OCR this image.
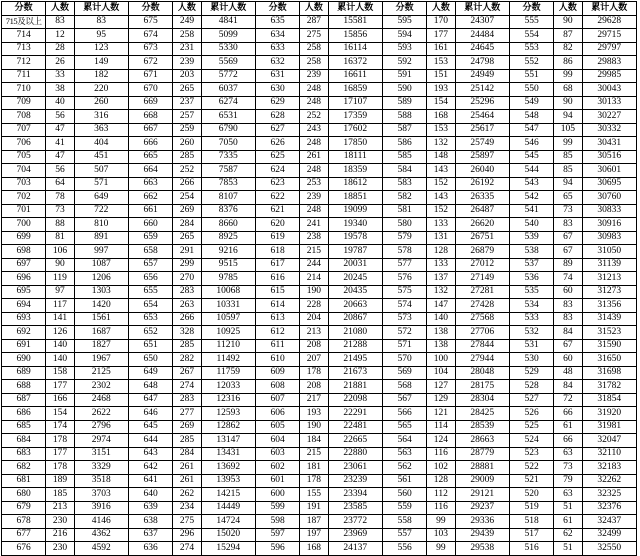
分数	人数	累计人数	分数	人数	累计人数	分数	人数	累计人数	分数	人数	累计人数	分数	人数	累计人数
715及以上	83	83	675	249	4841	635	287	15581	595	170	24307	555	90	29628
714	12	95	674	258	5099	634	275	15856	594	177	24484	554	87	29715
713	28	123	673	231	5330	633	258	16114	593	161	24645	553	82	29797
712	26	149	672	239	5569	632	258	16372	592	153	24798	552	86	29883
711	33	182	671	203	5772	631	239	16611	591	151	24949	551	99	29985
710	38	220	670	265	6037	630	248	16859	590	193	25142	550	68	30043
709	40	260	669	237	6274	629	248	17107	589	154	25296	549	90	30133
708	56	316	668	257	6531	628	252	17359	588	168	25464	548	94	30227
707	47	363	667	259	6790	627	243	17602	587	153	25617	547	105	30332
706	41	404	666	260	7050	626	248	17850	586	132	25749	546	99	30431
705	47	451	665	285	7335	625	261	18111	585	148	25897	545	85	30516
704	56	507	664	252	7587	624	248	18359	584	143	26040	544	85	30601
703	64	571	663	266	7853	623	253	18612	583	152	26192	543	94	30695
702	78	649	662	254	8107	622	239	18851	582	143	26335	542	65	30760
701	73	722	661	269	8376	621	248	19099	581	152	26487	541	73	30833
700	88	810	660	284	8660	620	241	19340	580	133	26620	540	83	30916
699	81	891	659	265	8925	619	238	19578	579	131	26751	539	67	30983
698	106	997	658	291	9216	618	215	19787	578	128	26879	538	67	31050
697	90	1087	657	299	9515	617	244	20031	577	133	27012	537	89	31139
696	119	1206	656	270	9785	616	214	20245	576	137	27149	536	74	31213
695	97	1303	655	283	10068	615	190	20435	575	132	27281	535	60	31273
694	117	1420	654	263	10331	614	228	20663	574	147	27428	534	83	31356
693	141	1561	653	266	10597	613	204	20867	573	140	27568	533	83	31439
692	126	1687	652	328	10925	612	213	21080	572	138	27706	532	84	31523
691	140	1827	651	285	11210	611	208	21288	571	138	27844	531	67	31590
690	140	1967	650	282	11492	610	207	21495	570	100	27944	530	60	31650
689	158	2125	649	267	11759	609	178	21673	569	104	28048	529	48	31698
688	177	2302	648	274	12033	608	208	21881	568	127	28175	528	84	31782
687	166	2468	647	283	12316	607	217	22098	567	129	28304	527	72	31854
686	154	2622	646	277	12593	606	193	22291	566	121	28425	526	66	31920
685	174	2796	645	269	12862	605	190	22481	565	114	28539	525	61	31981
684	178	2974	644	285	13147	604	184	22665	564	124	28663	524	66	32047
683	177	3151	643	284	13431	603	215	22880	563	116	28779	523	63	32110
682	178	3329	642	261	13692	602	181	23061	562	102	28881	522	73	32183
681	189	3518	641	261	13953	601	178	23239	561	128	29009	521	79	32262
680	185	3703	640	262	14215	600	155	23394	560	112	29121	520	63	32325
679	213	3916	639	234	14449	599	191	23585	559	116	29237	519	51	32376
678	230	4146	638	275	14724	598	187	23772	558	99	29336	518	61	32437
677	216	4362	637	296	15020	597	197	23969	557	103	29439	517	62	32499
676	230	4592	636	274	15294	596	168	24137	556	99	29538	516	51	32550
